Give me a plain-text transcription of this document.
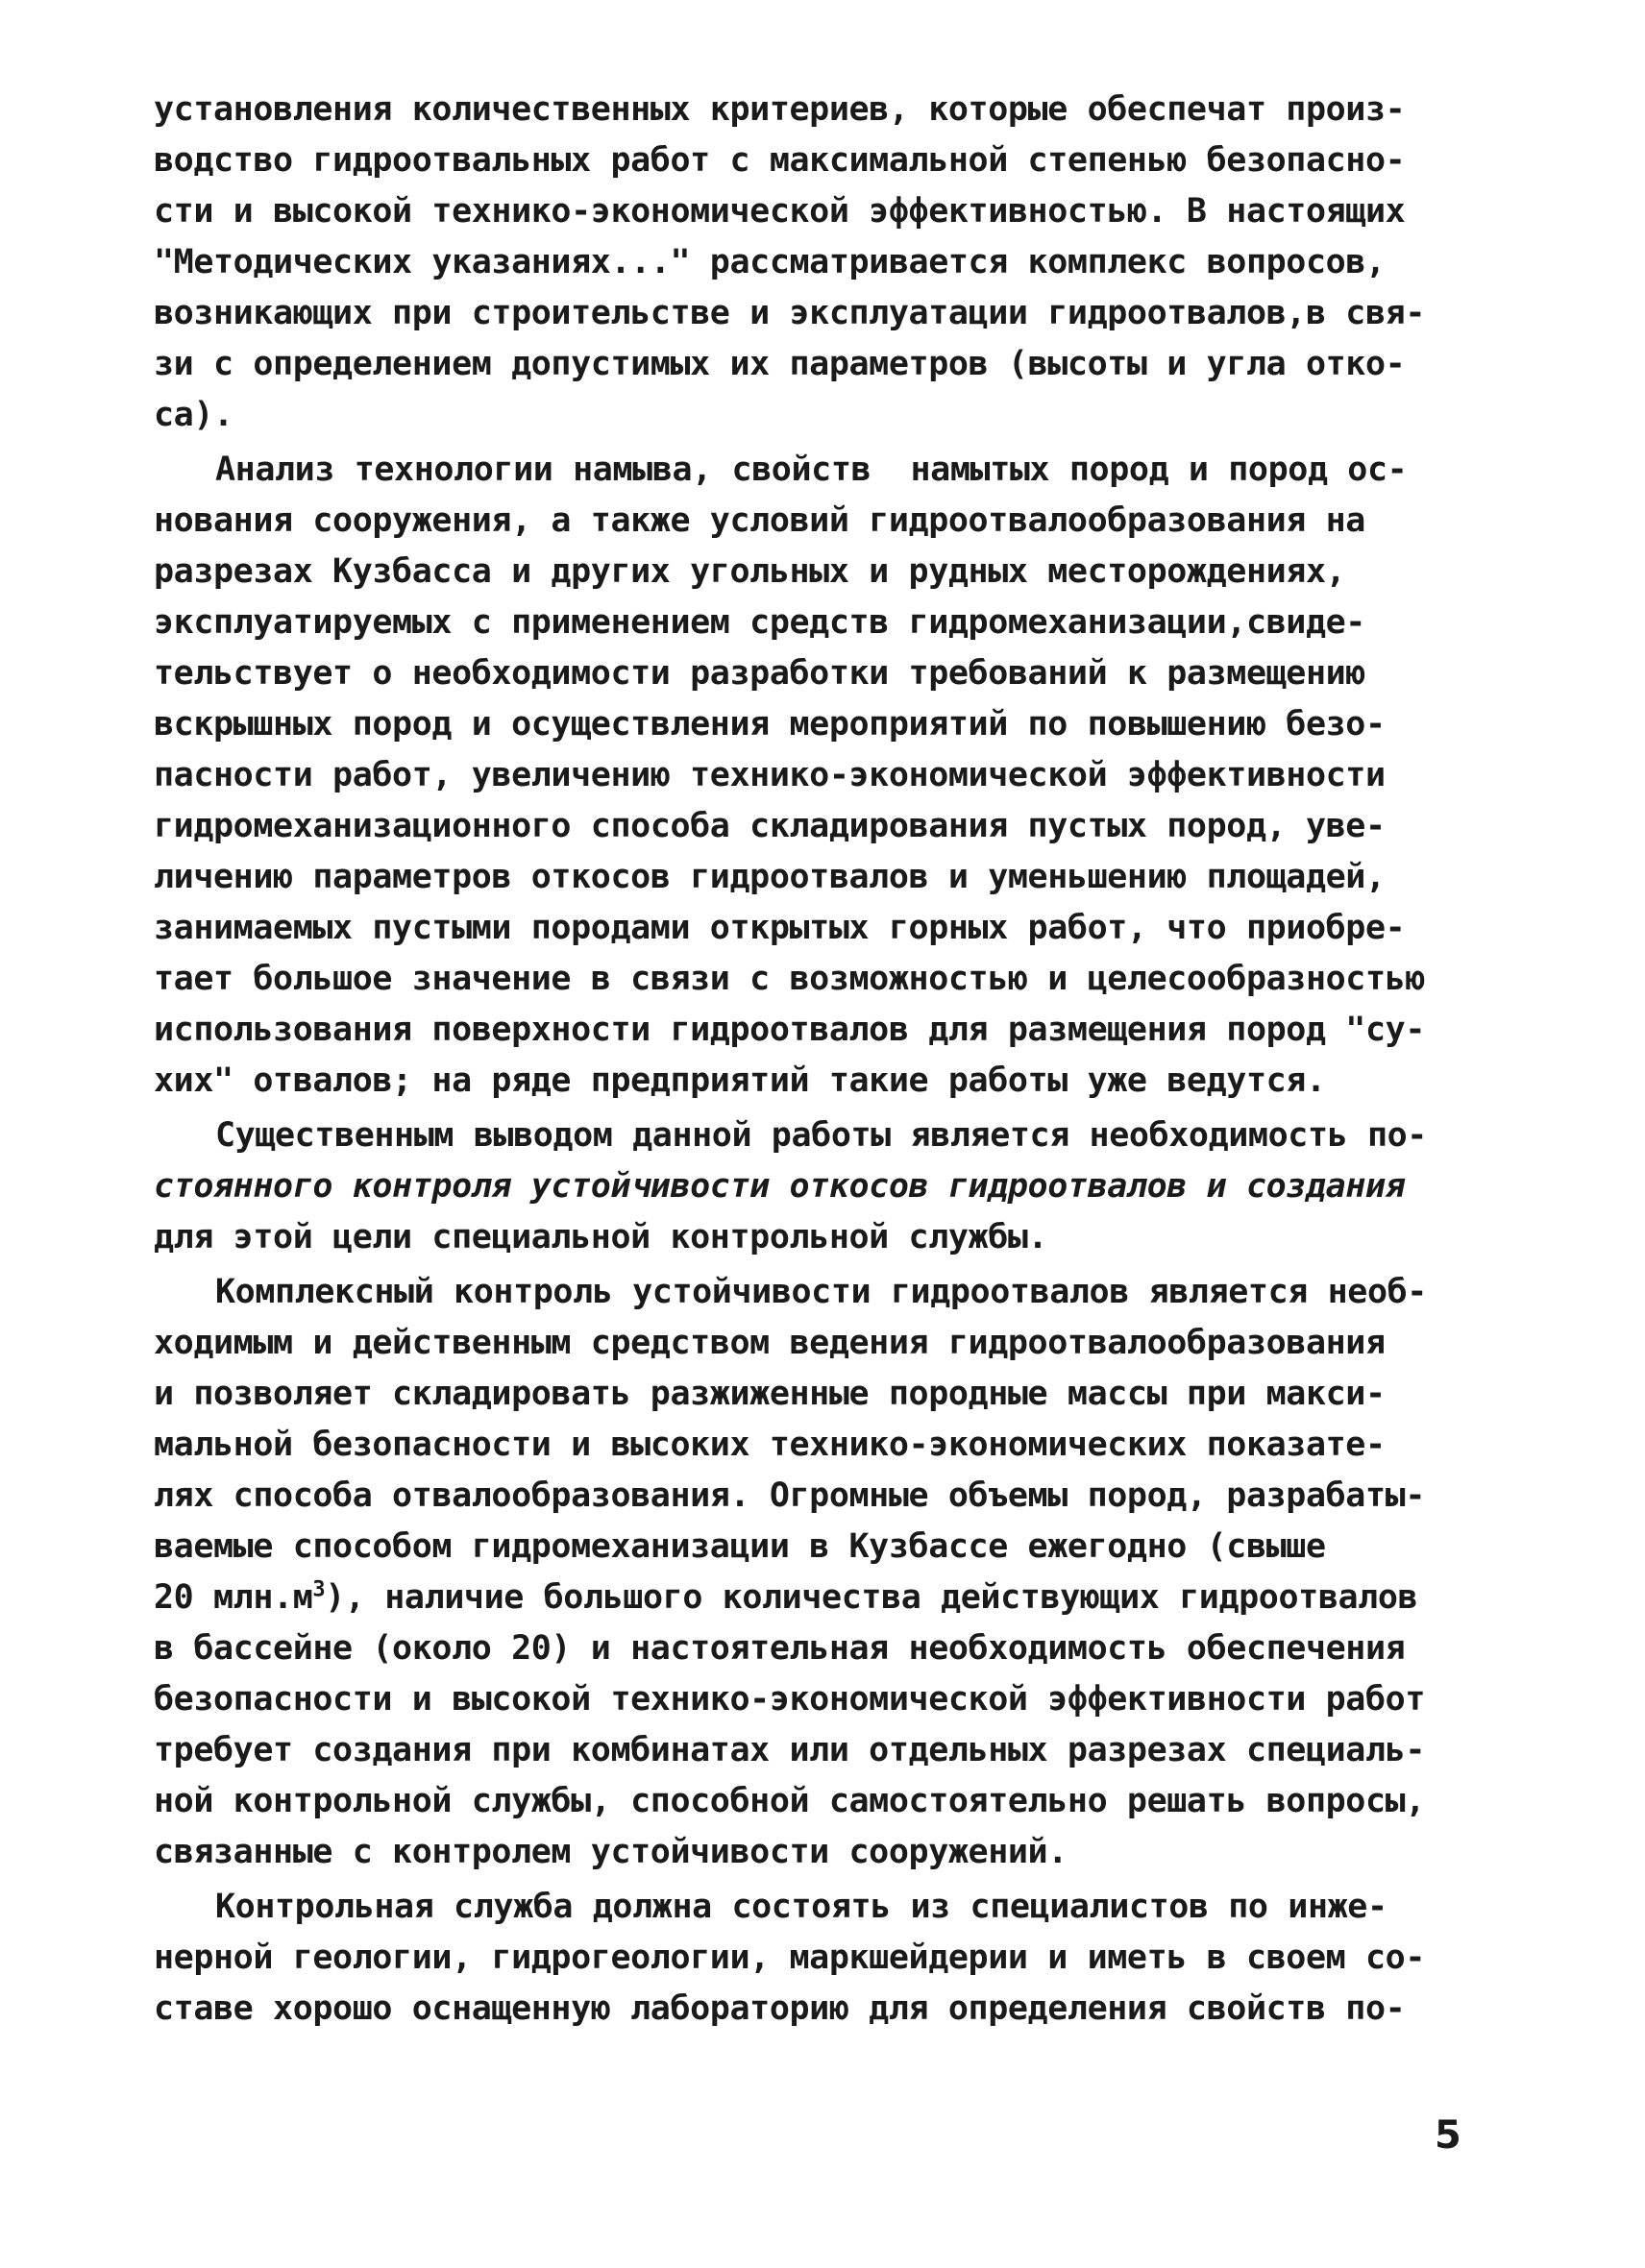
установления количественных критериев, которые обеспечат произ-
водство гидроотвальных работ с максимальной степенью безопасно-
сти и высокой технико-экономической эффективностью. В настоящих
"Методических указаниях..." рассматривается комплекс вопросов,
возникающих при строительстве и эксплуатации гидроотвалов,в свя-
зи с определением допустимых их параметров (высоты и угла отко-
са).
Анализ технологии намыва, свойств  намытых пород и пород ос-
нования сооружения, а также условий гидроотвалообразования на
разрезах Кузбасса и других угольных и рудных месторождениях,
эксплуатируемых с применением средств гидромеханизации,свиде-
тельствует о необходимости разработки требований к размещению
вскрышных пород и осуществления мероприятий по повышению безо-
пасности работ, увеличению технико-экономической эффективности
гидромеханизационного способа складирования пустых пород, уве-
личению параметров откосов гидроотвалов и уменьшению площадей,
занимаемых пустыми породами открытых горных работ, что приобре-
тает большое значение в связи с возможностью и целесообразностью
использования поверхности гидроотвалов для размещения пород "су-
хих" отвалов; на ряде предприятий такие работы уже ведутся.
Существенным выводом данной работы является необходимость по-
стоянного контроля устойчивости откосов гидроотвалов и создания
для этой цели специальной контрольной службы.
Комплексный контроль устойчивости гидроотвалов является необ-
ходимым и действенным средством ведения гидроотвалообразования
и позволяет складировать разжиженные породные массы при макси-
мальной безопасности и высоких технико-экономических показате-
лях способа отвалообразования. Огромные объемы пород, разрабаты-
ваемые способом гидромеханизации в Кузбассе ежегодно (свыше
20 $млн.м^3$), наличие большого количества действующих гидроотвалов
в бассейне (около 20) и настоятельная необходимость обеспечения
безопасности и высокой технико-экономической эффективности работ
требует создания при комбинатах или отдельных разрезах специаль-
ной контрольной службы, способной самостоятельно решать вопросы,
связанные с контролем устойчивости сооружений.
Контрольная служба должна состоять из специалистов по инже-
нерной геологии, гидрогеологии, маркшейдерии и иметь в своем со-
ставе хорошо оснащенную лабораторию для определения свойств по-
5
